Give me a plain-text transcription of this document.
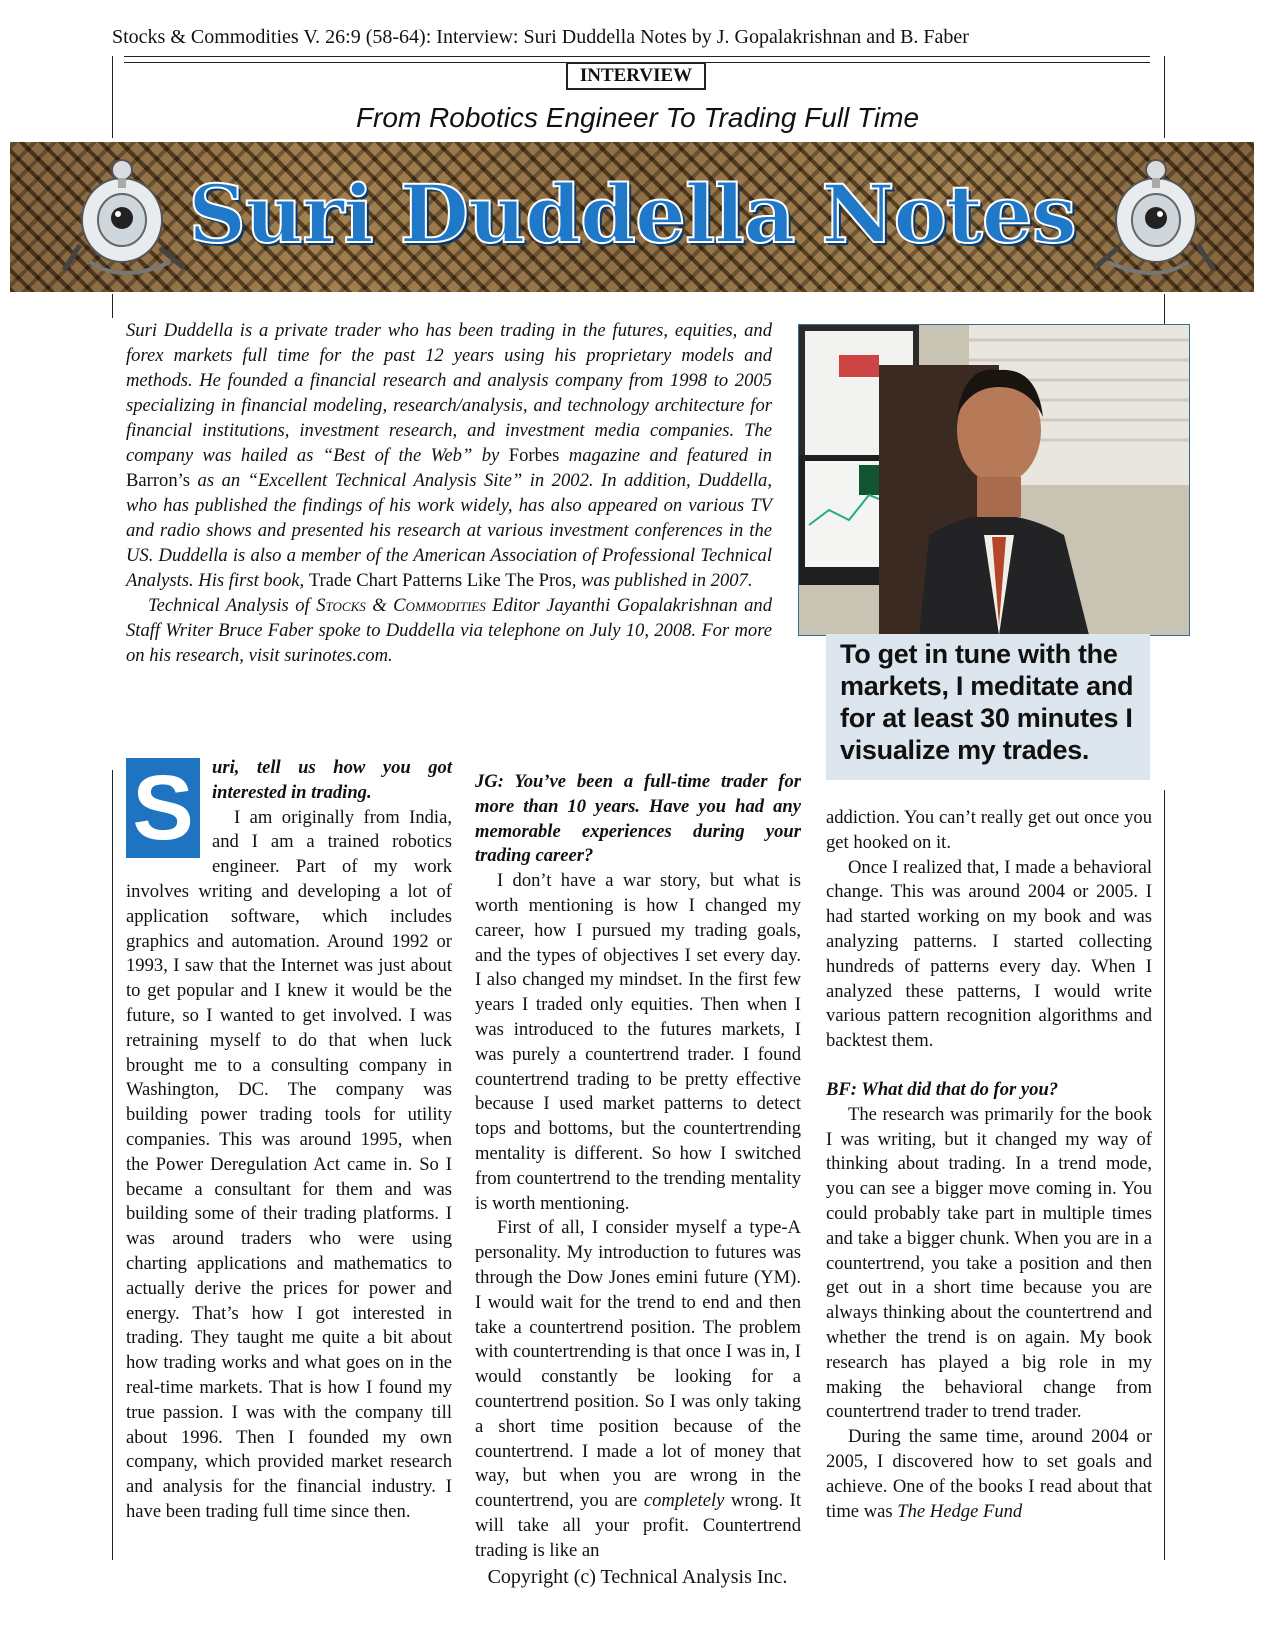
Stocks & Commodities V. 26:9 (58-64): Interview: Suri Duddella Notes by J. Gopalakrishnan and B. Faber
INTERVIEW
From Robotics Engineer To Trading Full Time
Suri Duddella Notes

Suri Duddella is a private trader who has been trading in the futures, equities, and forex markets full time for the past 12 years using his proprietary models and methods. He founded a financial research and analysis company from 1998 to 2005 specializing in financial modeling, research/analysis, and technology architecture for financial institutions, investment research, and investment media companies. The company was hailed as “Best of the Web” by Forbes magazine and featured in Barron’s as an “Excellent Technical Analysis Site” in 2002. In addition, Duddella, who has published the findings of his work widely, has also appeared on various TV and radio shows and presented his research at various investment conferences in the US. Duddella is also a member of the American Association of Professional Technical Analysts. His first book, Trade Chart Patterns Like The Pros, was published in 2007.

Technical Analysis of Stocks & Commodities Editor Jayanthi Gopalakrishnan and Staff Writer Bruce Faber spoke to Duddella via telephone on July 10, 2008. For more on his research, visit surinotes.com.	To get in tune with the markets, I meditate and for at least 30 minutes I visualize my trades.
S uri, tell us how you got interested in trading.

I am originally from India, and I am a trained robotics engineer. Part of my work involves writing and developing a lot of application software, which includes graphics and automation. Around 1992 or 1993, I saw that the Internet was just about to get popular and I knew it would be the future, so I wanted to get involved. I was retraining myself to do that when luck brought me to a consulting company in Washington, DC. The company was building power trading tools for utility companies. This was around 1995, when the Power Deregulation Act came in. So I became a consultant for them and was building some of their trading platforms. I was around traders who were using charting applications and mathematics to actually derive the prices for power and energy. That’s how I got interested in trading. They taught me quite a bit about how trading works and what goes on in the real-time markets. That is how I found my true passion. I was with the company till about 1996. Then I founded my own company, which provided market research and analysis for the financial industry. I have been trading full time since then.

JG: You’ve been a full-time trader for more than 10 years. Have you had any memorable experiences during your trading career?

I don’t have a war story, but what is worth mentioning is how I changed my career, how I pursued my trading goals, and the types of objectives I set every day. I also changed my mindset. In the first few years I traded only equities. Then when I was introduced to the futures markets, I was purely a countertrend trader. I found countertrend trading to be pretty effective because I used market patterns to detect tops and bottoms, but the countertrending mentality is different. So how I switched from countertrend to the trending mentality is worth mentioning.

First of all, I consider myself a type-A personality. My introduction to futures was through the Dow Jones emini future (YM). I would wait for the trend to end and then take a countertrend position. The problem with countertrending is that once I was in, I would constantly be looking for a countertrend position. So I was only taking a short time position because of the countertrend. I made a lot of money that way, but when you are wrong in the countertrend, you are completely wrong. It will take all your profit. Countertrend trading is like an

addiction. You can’t really get out once you get hooked on it.

Once I realized that, I made a behavioral change. This was around 2004 or 2005. I had started working on my book and was analyzing patterns. I started collecting hundreds of patterns every day. When I analyzed these patterns, I would write various pattern recognition algorithms and backtest them.

BF: What did that do for you?

The research was primarily for the book I was writing, but it changed my way of thinking about trading. In a trend mode, you can see a bigger move coming in. You could probably take part in multiple times and take a bigger chunk. When you are in a countertrend, you take a position and then get out in a short time because you are always thinking about the countertrend and whether the trend is on again. My book research has played a big role in my making the behavioral change from countertrend trader to trend trader.

During the same time, around 2004 or 2005, I discovered how to set goals and achieve. One of the books I read about that time was The Hedge Fund

Copyright (c) Technical Analysis Inc.
